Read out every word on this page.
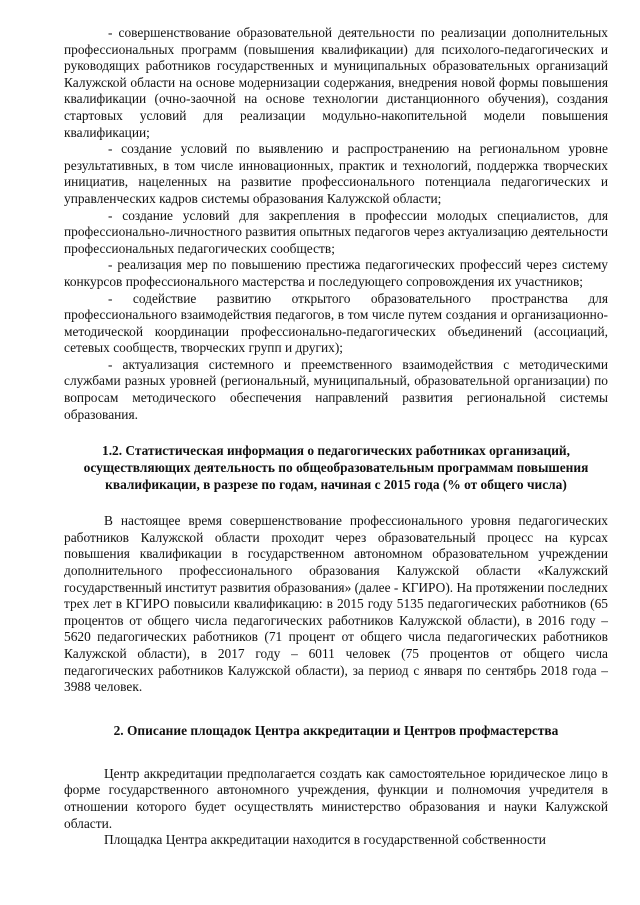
- совершенствование образовательной деятельности по реализации дополнительных профессиональных программ (повышения квалификации) для психолого-педагогических и руководящих работников государственных и муниципальных образовательных организаций Калужской области на основе модернизации содержания, внедрения новой формы повышения квалификации (очно-заочной на основе технологии дистанционного обучения), создания стартовых условий для реализации модульно-накопительной модели повышения квалификации;

- создание условий по выявлению и распространению на региональном уровне результативных, в том числе инновационных, практик и технологий, поддержка творческих инициатив, нацеленных на развитие профессионального потенциала педагогических и управленческих кадров системы образования Калужской области;

- создание условий для закрепления в профессии молодых специалистов, для профессионально-личностного развития опытных педагогов через актуализацию деятельности профессиональных педагогических сообществ;

- реализация мер по повышению престижа педагогических профессий через систему конкурсов профессионального мастерства и последующего сопровождения их участников;

- содействие развитию открытого образовательного пространства для профессионального взаимодействия педагогов, в том числе путем создания и организационно-методической координации профессионально-педагогических объединений (ассоциаций, сетевых сообществ, творческих групп и других);

- актуализация системного и преемственного взаимодействия с методическими службами разных уровней (региональный, муниципальный, образовательной организации) по вопросам методического обеспечения направлений развития региональной системы образования.

1.2. Статистическая информация о педагогических работниках организаций, осуществляющих деятельность по общеобразовательным программам повышения квалификации, в разрезе по годам, начиная с 2015 года (% от общего числа)

В настоящее время совершенствование профессионального уровня педагогических работников Калужской области проходит через образовательный процесс на курсах повышения квалификации в государственном автономном образовательном учреждении дополнительного профессионального образования Калужской области «Калужский государственный институт развития образования» (далее - КГИРО). На протяжении последних трех лет в КГИРО повысили квалификацию: в 2015 году 5135 педагогических работников (65 процентов от общего числа педагогических работников Калужской области), в 2016 году – 5620 педагогических работников (71 процент от общего числа педагогических работников Калужской области), в 2017 году – 6011 человек (75 процентов от общего числа педагогических работников Калужской области), за период с января по сентябрь 2018 года – 3988 человек.

2. Описание площадок Центра аккредитации и Центров профмастерства

Центр аккредитации предполагается создать как самостоятельное юридическое лицо в форме государственного автономного учреждения, функции и полномочия учредителя в отношении которого будет осуществлять министерство образования и науки Калужской области.

Площадка Центра аккредитации находится в государственной собственности
